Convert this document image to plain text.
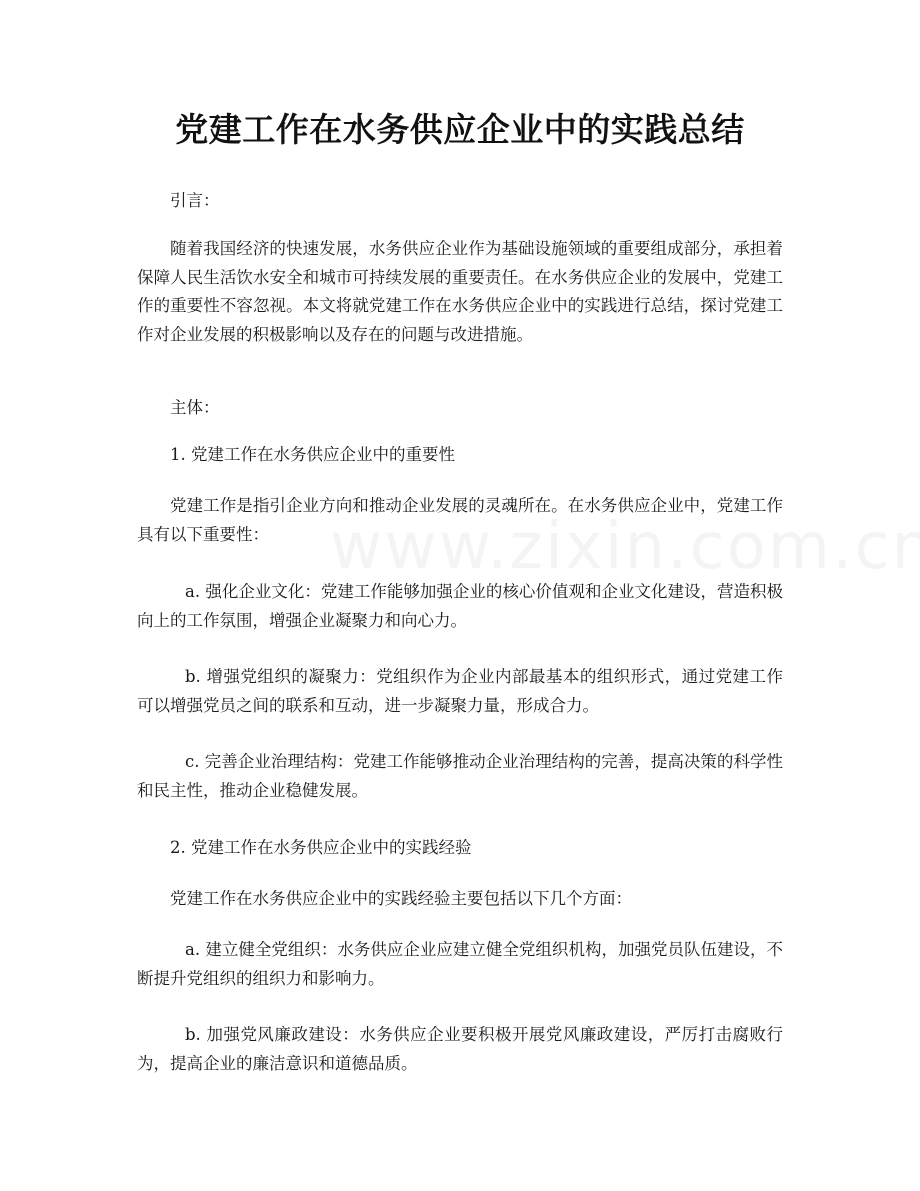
党建工作在水务供应企业中的实践总结

引言：

随着我国经济的快速发展，水务供应企业作为基础设施领域的重要组成部分，承担着保障人民生活饮水安全和城市可持续发展的重要责任。在水务供应企业的发展中，党建工作的重要性不容忽视。本文将就党建工作在水务供应企业中的实践进行总结，探讨党建工作对企业发展的积极影响以及存在的问题与改进措施。

主体：

1. 党建工作在水务供应企业中的重要性

党建工作是指引企业方向和推动企业发展的灵魂所在。在水务供应企业中，党建工作具有以下重要性：

a. 强化企业文化：党建工作能够加强企业的核心价值观和企业文化建设，营造积极向上的工作氛围，增强企业凝聚力和向心力。

b. 增强党组织的凝聚力：党组织作为企业内部最基本的组织形式，通过党建工作可以增强党员之间的联系和互动，进一步凝聚力量，形成合力。

c. 完善企业治理结构：党建工作能够推动企业治理结构的完善，提高决策的科学性和民主性，推动企业稳健发展。

2. 党建工作在水务供应企业中的实践经验

党建工作在水务供应企业中的实践经验主要包括以下几个方面：

a. 建立健全党组织：水务供应企业应建立健全党组织机构，加强党员队伍建设，不断提升党组织的组织力和影响力。

b. 加强党风廉政建设：水务供应企业要积极开展党风廉政建设，严厉打击腐败行为，提高企业的廉洁意识和道德品质。
